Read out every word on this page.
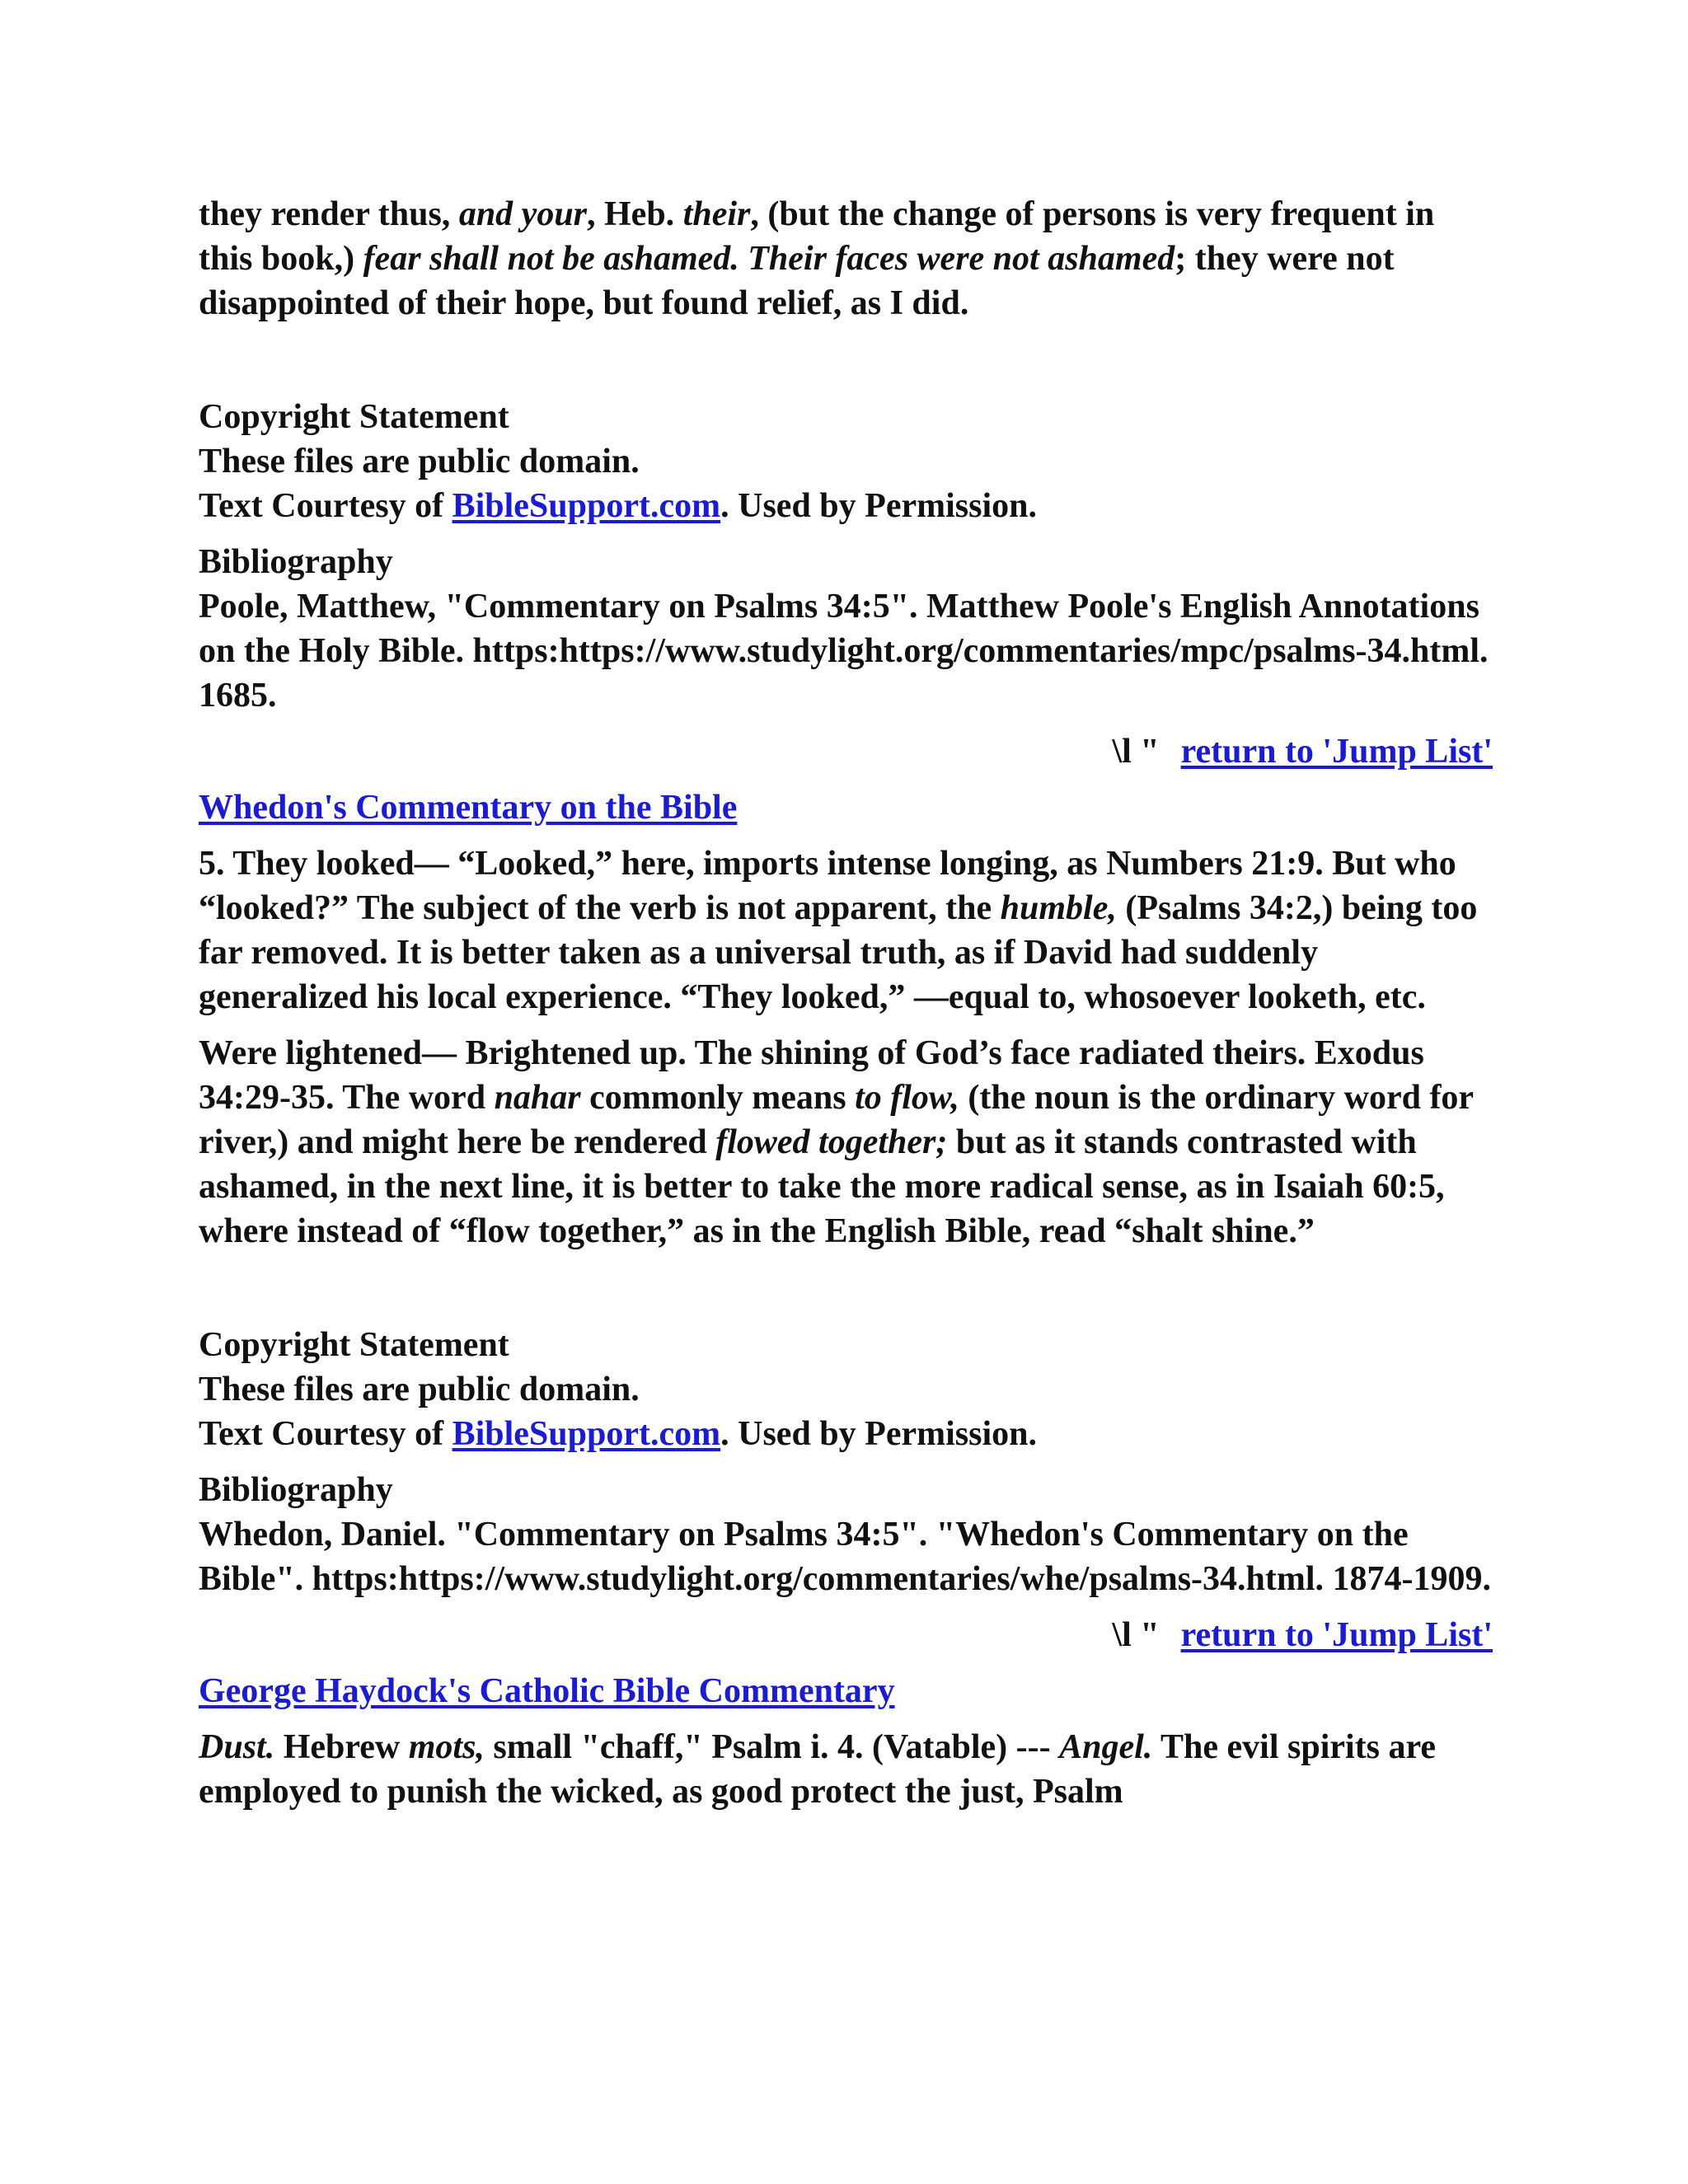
they render thus, and your, Heb. their, (but the change of persons is very frequent in this book,) fear shall not be ashamed. Their faces were not ashamed; they were not disappointed of their hope, but found relief, as I did.

Copyright Statement

These files are public domain.

Text Courtesy of BibleSupport.com. Used by Permission.

Bibliography

Poole, Matthew, "Commentary on Psalms 34:5". Matthew Poole's English Annotations on the Holy Bible. https:https://www.studylight.org/commentaries/mpc/psalms-34.html. 1685.

\l " return to 'Jump List'

Whedon's Commentary on the Bible

5. They looked— “Looked,” here, imports intense longing, as Numbers 21:9. But who “looked?” The subject of the verb is not apparent, the humble, (Psalms 34:2,) being too far removed. It is better taken as a universal truth, as if David had suddenly generalized his local experience. “They looked,” —equal to, whosoever looketh, etc.

Were lightened— Brightened up. The shining of God’s face radiated theirs. Exodus 34:29-35. The word nahar commonly means to flow, (the noun is the ordinary word for river,) and might here be rendered flowed together; but as it stands contrasted with ashamed, in the next line, it is better to take the more radical sense, as in Isaiah 60:5, where instead of “flow together,” as in the English Bible, read “shalt shine.”

Copyright Statement

These files are public domain.

Text Courtesy of BibleSupport.com. Used by Permission.

Bibliography

Whedon, Daniel. "Commentary on Psalms 34:5". "Whedon's Commentary on the Bible". https:https://www.studylight.org/commentaries/whe/psalms-34.html. 1874-1909.

\l " return to 'Jump List'

George Haydock's Catholic Bible Commentary

Dust. Hebrew mots, small "chaff," Psalm i. 4. (Vatable) --- Angel. The evil spirits are employed to punish the wicked, as good protect the just, Psalm
